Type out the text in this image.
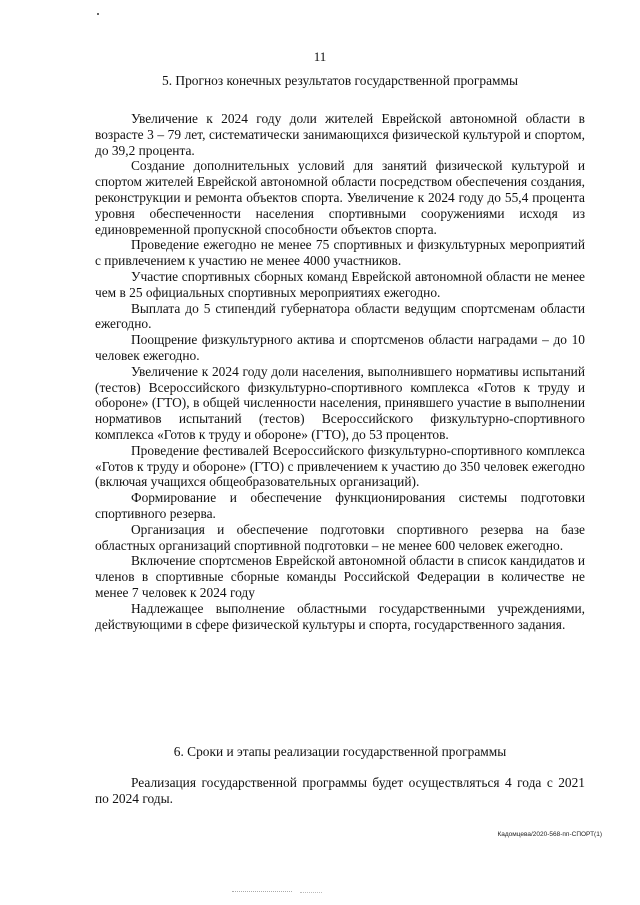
11
5. Прогноз конечных результатов государственной программы

Увеличение к 2024 году доли жителей Еврейской автономной области в возрасте 3 – 79 лет, систематически занимающихся физической культурой и спортом, до 39,2 процента.

Создание дополнительных условий для занятий физической культурой и спортом жителей Еврейской автономной области посредством обеспечения создания, реконструкции и ремонта объектов спорта. Увеличение к 2024 году до 55,4 процента уровня обеспеченности населения спортивными сооружениями исходя из единовременной пропускной способности объектов спорта.

Проведение ежегодно не менее 75 спортивных и физкультурных мероприятий с привлечением к участию не менее 4000 участников.

Участие спортивных сборных команд Еврейской автономной области не менее чем в 25 официальных спортивных мероприятиях ежегодно.

Выплата до 5 стипендий губернатора области ведущим спортсменам области ежегодно.

Поощрение физкультурного актива и спортсменов области наградами – до 10 человек ежегодно.

Увеличение к 2024 году доли населения, выполнившего нормативы испытаний (тестов) Всероссийского физкультурно-спортивного комплекса «Готов к труду и обороне» (ГТО), в общей численности населения, принявшего участие в выполнении нормативов испытаний (тестов) Всероссийского физкультурно-спортивного комплекса «Готов к труду и обороне» (ГТО), до 53 процентов.

Проведение фестивалей Всероссийского физкультурно-спортивного комплекса «Готов к труду и обороне» (ГТО) с привлечением к участию до 350 человек ежегодно (включая учащихся общеобразовательных организаций).

Формирование и обеспечение функционирования системы подготовки спортивного резерва.

Организация и обеспечение подготовки спортивного резерва на базе областных организаций спортивной подготовки – не менее 600 человек ежегодно.

Включение спортсменов Еврейской автономной области в список кандидатов и членов в спортивные сборные команды Российской Федерации в количестве не менее 7 человек к 2024 году

Надлежащее выполнение областными государственными учреждениями, действующими в сфере физической культуры и спорта, государственного задания.

6. Сроки и этапы реализации государственной программы

Реализация государственной программы будет осуществляться 4 года с 2021 по 2024 годы.

Кадомцева/2020-568-пп-СПОРТ(1)
